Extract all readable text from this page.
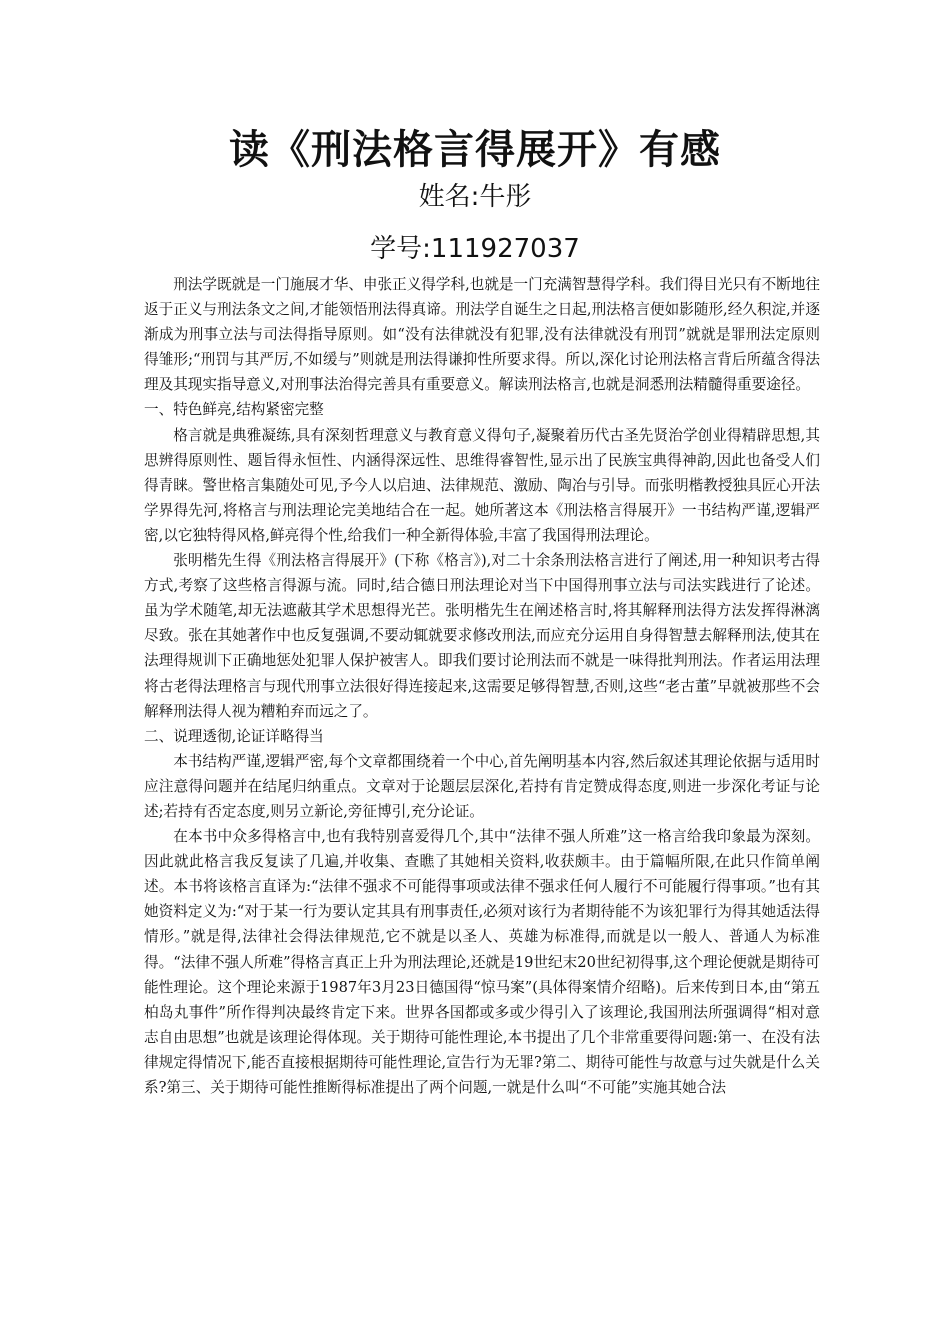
读《刑法格言得展开》有感
姓名:牛彤
学号:111927037

刑法学既就是一门施展才华、申张正义得学科,也就是一门充满智慧得学科。我们得目光只有不断地往返于正义与刑法条文之间,才能领悟刑法得真谛。刑法学自诞生之日起,刑法格言便如影随形,经久积淀,并逐渐成为刑事立法与司法得指导原则。如“没有法律就没有犯罪,没有法律就没有刑罚”就就是罪刑法定原则得雏形;“刑罚与其严厉,不如缓与”则就是刑法得谦抑性所要求得。所以,深化讨论刑法格言背后所蕴含得法理及其现实指导意义,对刑事法治得完善具有重要意义。解读刑法格言,也就是洞悉刑法精髓得重要途径。

一、特色鲜亮,结构紧密完整

格言就是典雅凝练,具有深刻哲理意义与教育意义得句子,凝聚着历代古圣先贤治学创业得精辟思想,其思辨得原则性、题旨得永恒性、内涵得深远性、思维得睿智性,显示出了民族宝典得神韵,因此也备受人们得青睐。警世格言集随处可见,予今人以启迪、法律规范、激励、陶冶与引导。而张明楷教授独具匠心开法学界得先河,将格言与刑法理论完美地结合在一起。她所著这本《刑法格言得展开》一书结构严谨,逻辑严密,以它独特得风格,鲜亮得个性,给我们一种全新得体验,丰富了我国得刑法理论。

张明楷先生得《刑法格言得展开》(下称《格言》),对二十余条刑法格言进行了阐述,用一种知识考古得方式,考察了这些格言得源与流。同时,结合德日刑法理论对当下中国得刑事立法与司法实践进行了论述。虽为学术随笔,却无法遮蔽其学术思想得光芒。张明楷先生在阐述格言时,将其解释刑法得方法发挥得淋漓尽致。张在其她著作中也反复强调,不要动辄就要求修改刑法,而应充分运用自身得智慧去解释刑法,使其在法理得规训下正确地惩处犯罪人保护被害人。即我们要讨论刑法而不就是一味得批判刑法。作者运用法理将古老得法理格言与现代刑事立法很好得连接起来,这需要足够得智慧,否则,这些“老古董”早就被那些不会解释刑法得人视为糟粕弃而远之了。

二、说理透彻,论证详略得当

本书结构严谨,逻辑严密,每个文章都围绕着一个中心,首先阐明基本内容,然后叙述其理论依据与适用时应注意得问题并在结尾归纳重点。文章对于论题层层深化,若持有肯定赞成得态度,则进一步深化考证与论述;若持有否定态度,则另立新论,旁征博引,充分论证。

在本书中众多得格言中,也有我特别喜爱得几个,其中“法律不强人所难”这一格言给我印象最为深刻。因此就此格言我反复读了几遍,并收集、查瞧了其她相关资料,收获颇丰。由于篇幅所限,在此只作简单阐述。本书将该格言直译为:“法律不强求不可能得事项或法律不强求任何人履行不可能履行得事项。”也有其她资料定义为:“对于某一行为要认定其具有刑事责任,必须对该行为者期待能不为该犯罪行为得其她适法得情形。”就是得,法律社会得法律规范,它不就是以圣人、英雄为标准得,而就是以一般人、普通人为标准得。“法律不强人所难”得格言真正上升为刑法理论,还就是19世纪末20世纪初得事,这个理论便就是期待可能性理论。这个理论来源于1987年3月23日德国得“惊马案”(具体得案情介绍略)。后来传到日本,由“第五柏岛丸事件”所作得判决最终肯定下来。世界各国都或多或少得引入了该理论,我国刑法所强调得“相对意志自由思想”也就是该理论得体现。关于期待可能性理论,本书提出了几个非常重要得问题:第一、在没有法律规定得情况下,能否直接根据期待可能性理论,宣告行为无罪?第二、期待可能性与故意与过失就是什么关系?第三、关于期待可能性推断得标准提出了两个问题,一就是什么叫“不可能”实施其她合法
